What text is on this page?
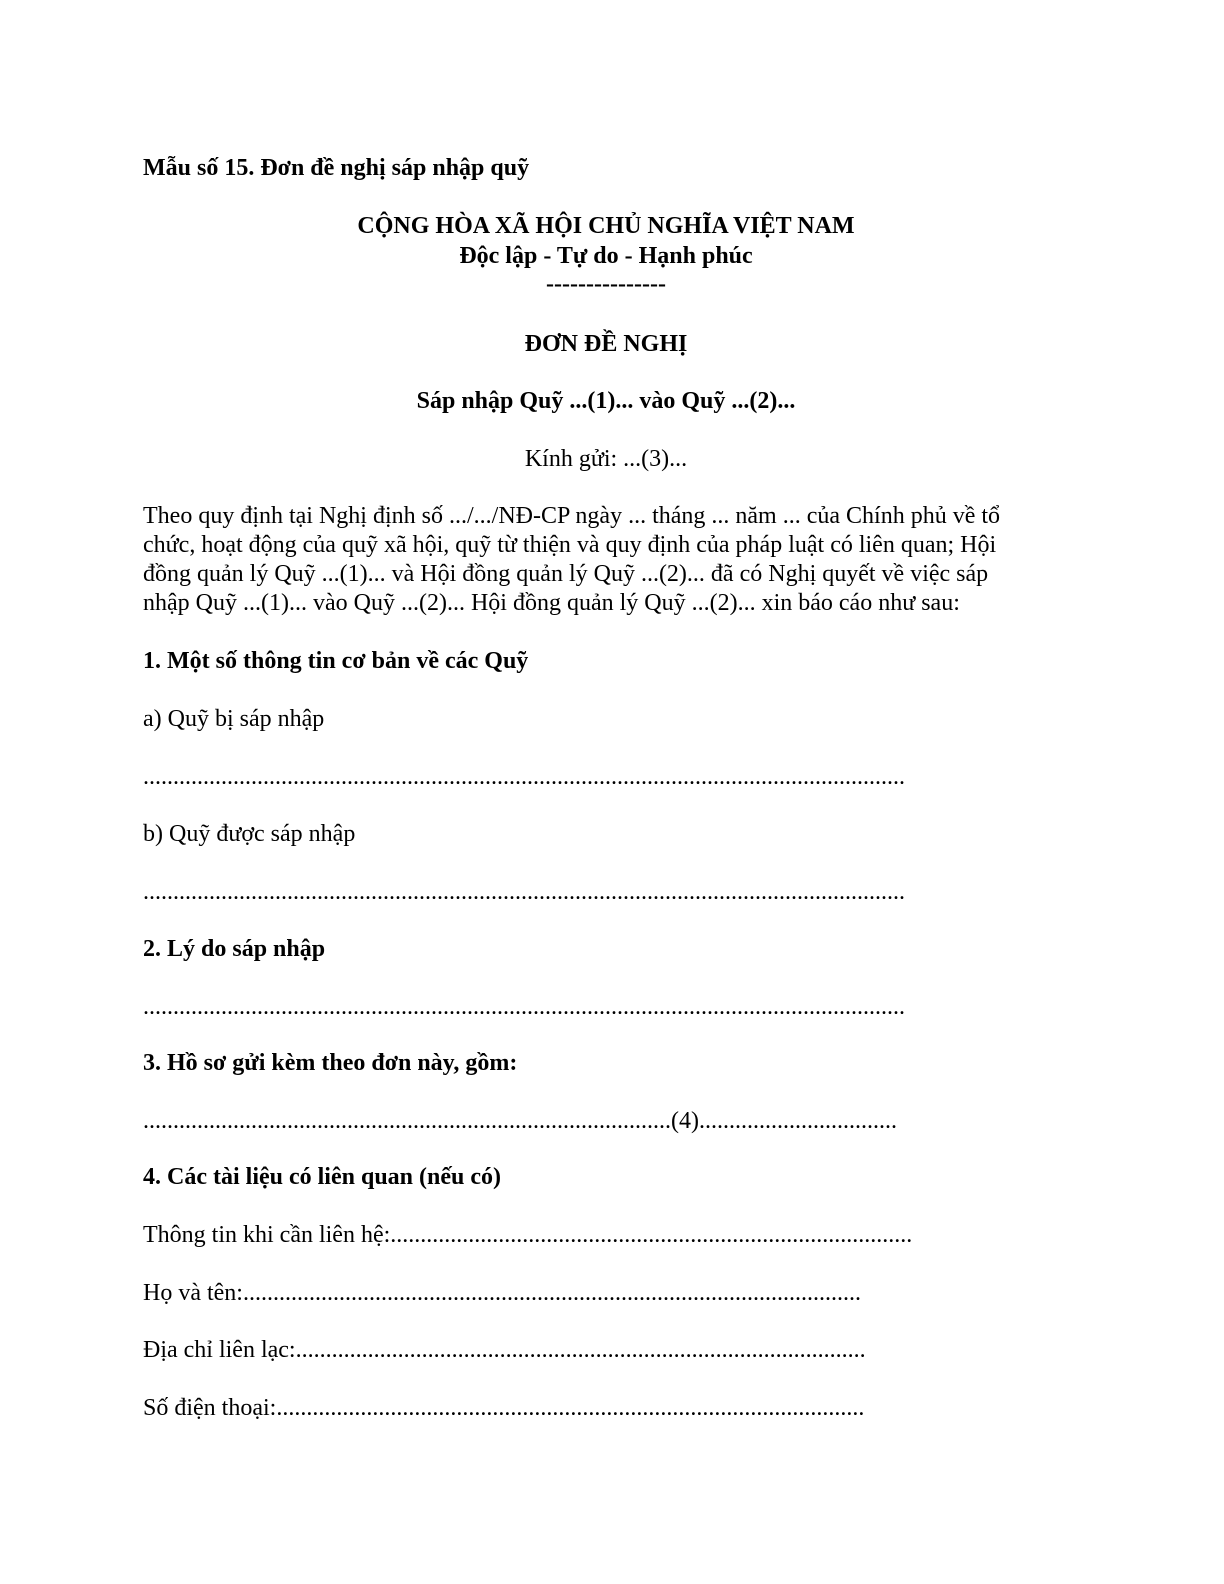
Mẫu số 15. Đơn đề nghị sáp nhập quỹ
CỘNG HÒA XÃ HỘI CHỦ NGHĨA VIỆT NAM
Độc lập - Tự do - Hạnh phúc
---------------
ĐƠN ĐỀ NGHỊ
Sáp nhập Quỹ ...(1)... vào Quỹ ...(2)...
Kính gửi: ...(3)...
Theo quy định tại Nghị định số .../.../NĐ-CP ngày ... tháng ... năm ... của Chính phủ về tổ
chức, hoạt động của quỹ xã hội, quỹ từ thiện và quy định của pháp luật có liên quan; Hội
đồng quản lý Quỹ ...(1)... và Hội đồng quản lý Quỹ ...(2)... đã có Nghị quyết về việc sáp
nhập Quỹ ...(1)... vào Quỹ ...(2)... Hội đồng quản lý Quỹ ...(2)... xin báo cáo như sau:
1. Một số thông tin cơ bản về các Quỹ
a) Quỹ bị sáp nhập
...............................................................................................................................
b) Quỹ được sáp nhập
...............................................................................................................................
2. Lý do sáp nhập
...............................................................................................................................
3. Hồ sơ gửi kèm theo đơn này, gồm:
........................................................................................(4).................................
4. Các tài liệu có liên quan (nếu có)
Thông tin khi cần liên hệ:.......................................................................................
Họ và tên:.......................................................................................................
Địa chỉ liên lạc:...............................................................................................
Số điện thoại:..................................................................................................
